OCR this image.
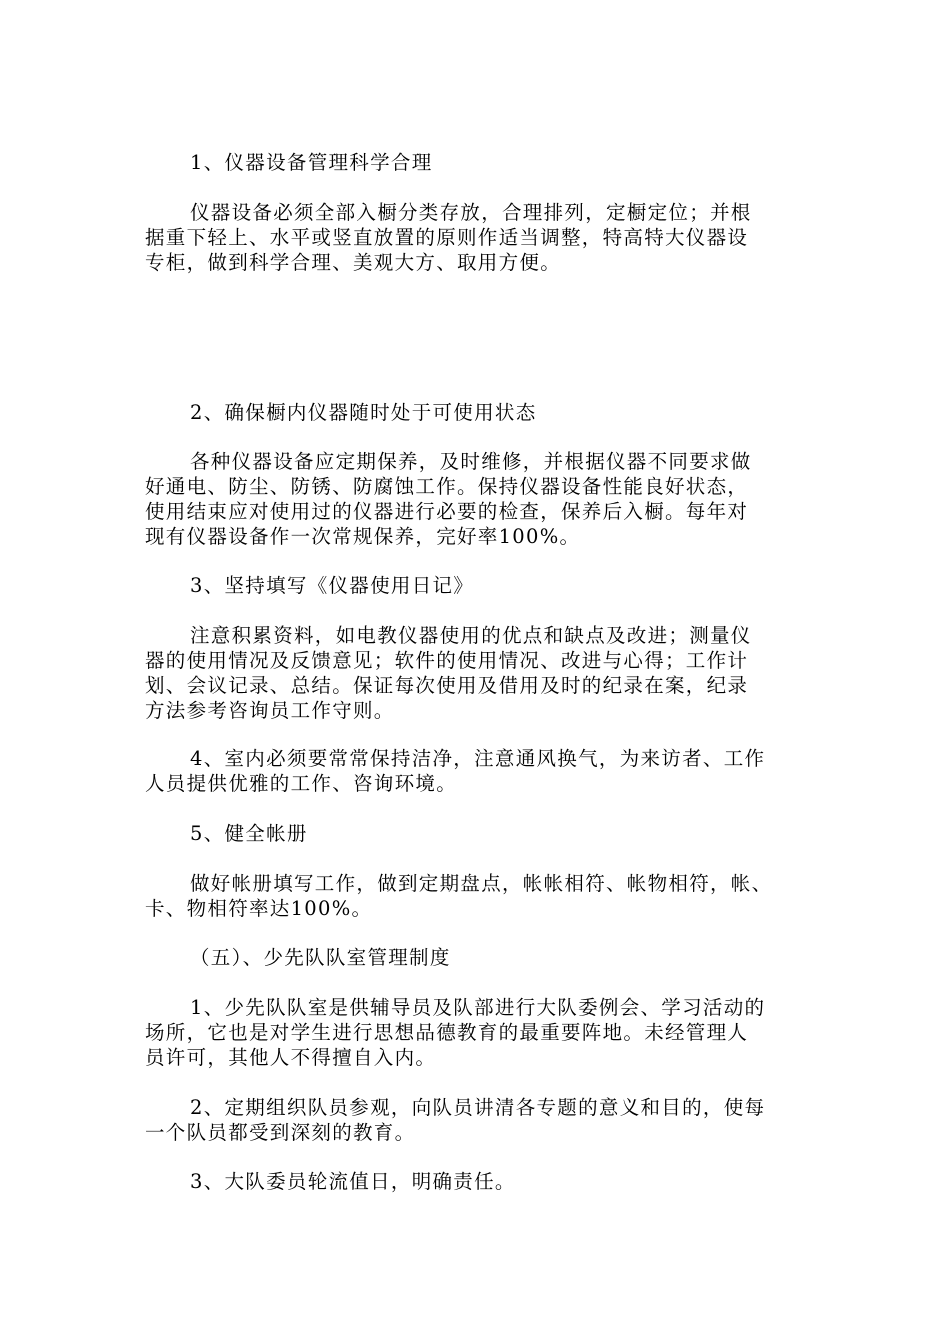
1、仪器设备管理科学合理

仪器设备必须全部入橱分类存放，合理排列，定橱定位；并根
据重下轻上、水平或竖直放置的原则作适当调整，特高特大仪器设
专柜，做到科学合理、美观大方、取用方便。

2、确保橱内仪器随时处于可使用状态

各种仪器设备应定期保养，及时维修，并根据仪器不同要求做
好通电、防尘、防锈、防腐蚀工作。保持仪器设备性能良好状态，
使用结束应对使用过的仪器进行必要的检查，保养后入橱。每年对
现有仪器设备作一次常规保养，完好率100%。

3、坚持填写《仪器使用日记》

注意积累资料，如电教仪器使用的优点和缺点及改进；测量仪
器的使用情况及反馈意见；软件的使用情况、改进与心得；工作计
划、会议记录、总结。保证每次使用及借用及时的纪录在案，纪录
方法参考咨询员工作守则。

4、室内必须要常常保持洁净，注意通风换气，为来访者、工作
人员提供优雅的工作、咨询环境。

5、健全帐册

做好帐册填写工作，做到定期盘点，帐帐相符、帐物相符，帐、
卡、物相符率达100%。

（五）、少先队队室管理制度

1、少先队队室是供辅导员及队部进行大队委例会、学习活动的
场所，它也是对学生进行思想品德教育的最重要阵地。未经管理人
员许可，其他人不得擅自入内。

2、定期组织队员参观，向队员讲清各专题的意义和目的，使每
一个队员都受到深刻的教育。

3、大队委员轮流值日，明确责任。
